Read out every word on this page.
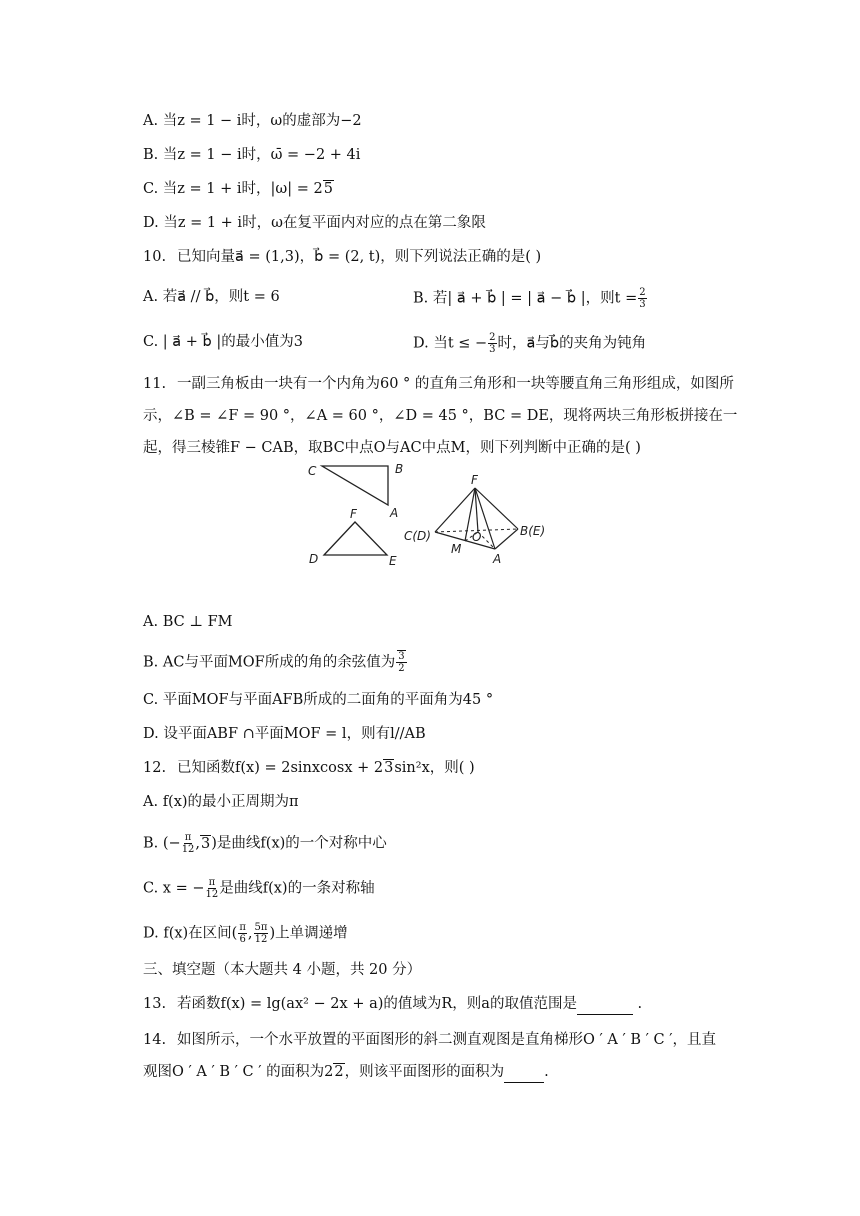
A. 当z = 1 − i时，ω的虚部为−2
B. 当z = 1 − i时，ω̄ = −2 + 4i
C. 当z = 1 + i时，|ω| = 25
D. 当z = 1 + i时，ω在复平面内对应的点在第二象限
10. 已知向量a⃗ = (1,3)，b⃗ = (2, t)，则下列说法正确的是( )
A. 若a⃗ // b⃗，则t = 6	B. 若| a⃗ + b⃗ | = | a⃗ − b⃗ |，则$t = \frac{2}{3}$
C. | a⃗ + b⃗ |的最小值为3	D. 当t ≤ − $\frac{2}{3}$ 时，a⃗与b⃗的夹角为钝角
11. 一副三角板由一块有一个内角为60 ° 的直角三角形和一块等腰直角三角形组成，如图所
示，∠B = ∠F = 90 °，∠A = 60 °，∠D = 45 °，BC = DE，现将两块三角形板拼接在一
起，得三棱锥F − CAB，取BC中点O与AC中点M，则下列判断中正确的是( )
C	B
A
F
D	E
F
C(D)	B(E)
M
O
A
A. BC ⊥ FM
B. AC与平面MOF所成的角的余弦值为 $\frac{3}{2}$
C. 平面MOF与平面AFB所成的二面角的平面角为45 °
D. 设平面ABF ∩平面MOF = l，则有l//AB
12. 已知函数f(x) = 2sinxcosx + 23sin²x，则( )
A. f(x)的最小正周期为π
B. (− $\frac{\pi}{12} ,3$)是曲线f(x)的一个对称中心
C. x = − $\frac{\pi}{12}$ 是曲线f(x)的一条对称轴
D. f(x)在区间( $\frac{\pi}{6}$ , $\frac{5\pi}{12}$ )上单调递增
三、填空题（本大题共 4 小题，共 20 分）
13. 若函数f(x) = lg(ax² − 2x + a)的值域为R，则a的取值范围是	.
14. 如图所示，一个水平放置的平面图形的斜二测直观图是直角梯形O ′ A ′ B ′ C ′，且直
观图O ′ A ′ B ′ C ′ 的面积为22，则该平面图形的面积为	.
